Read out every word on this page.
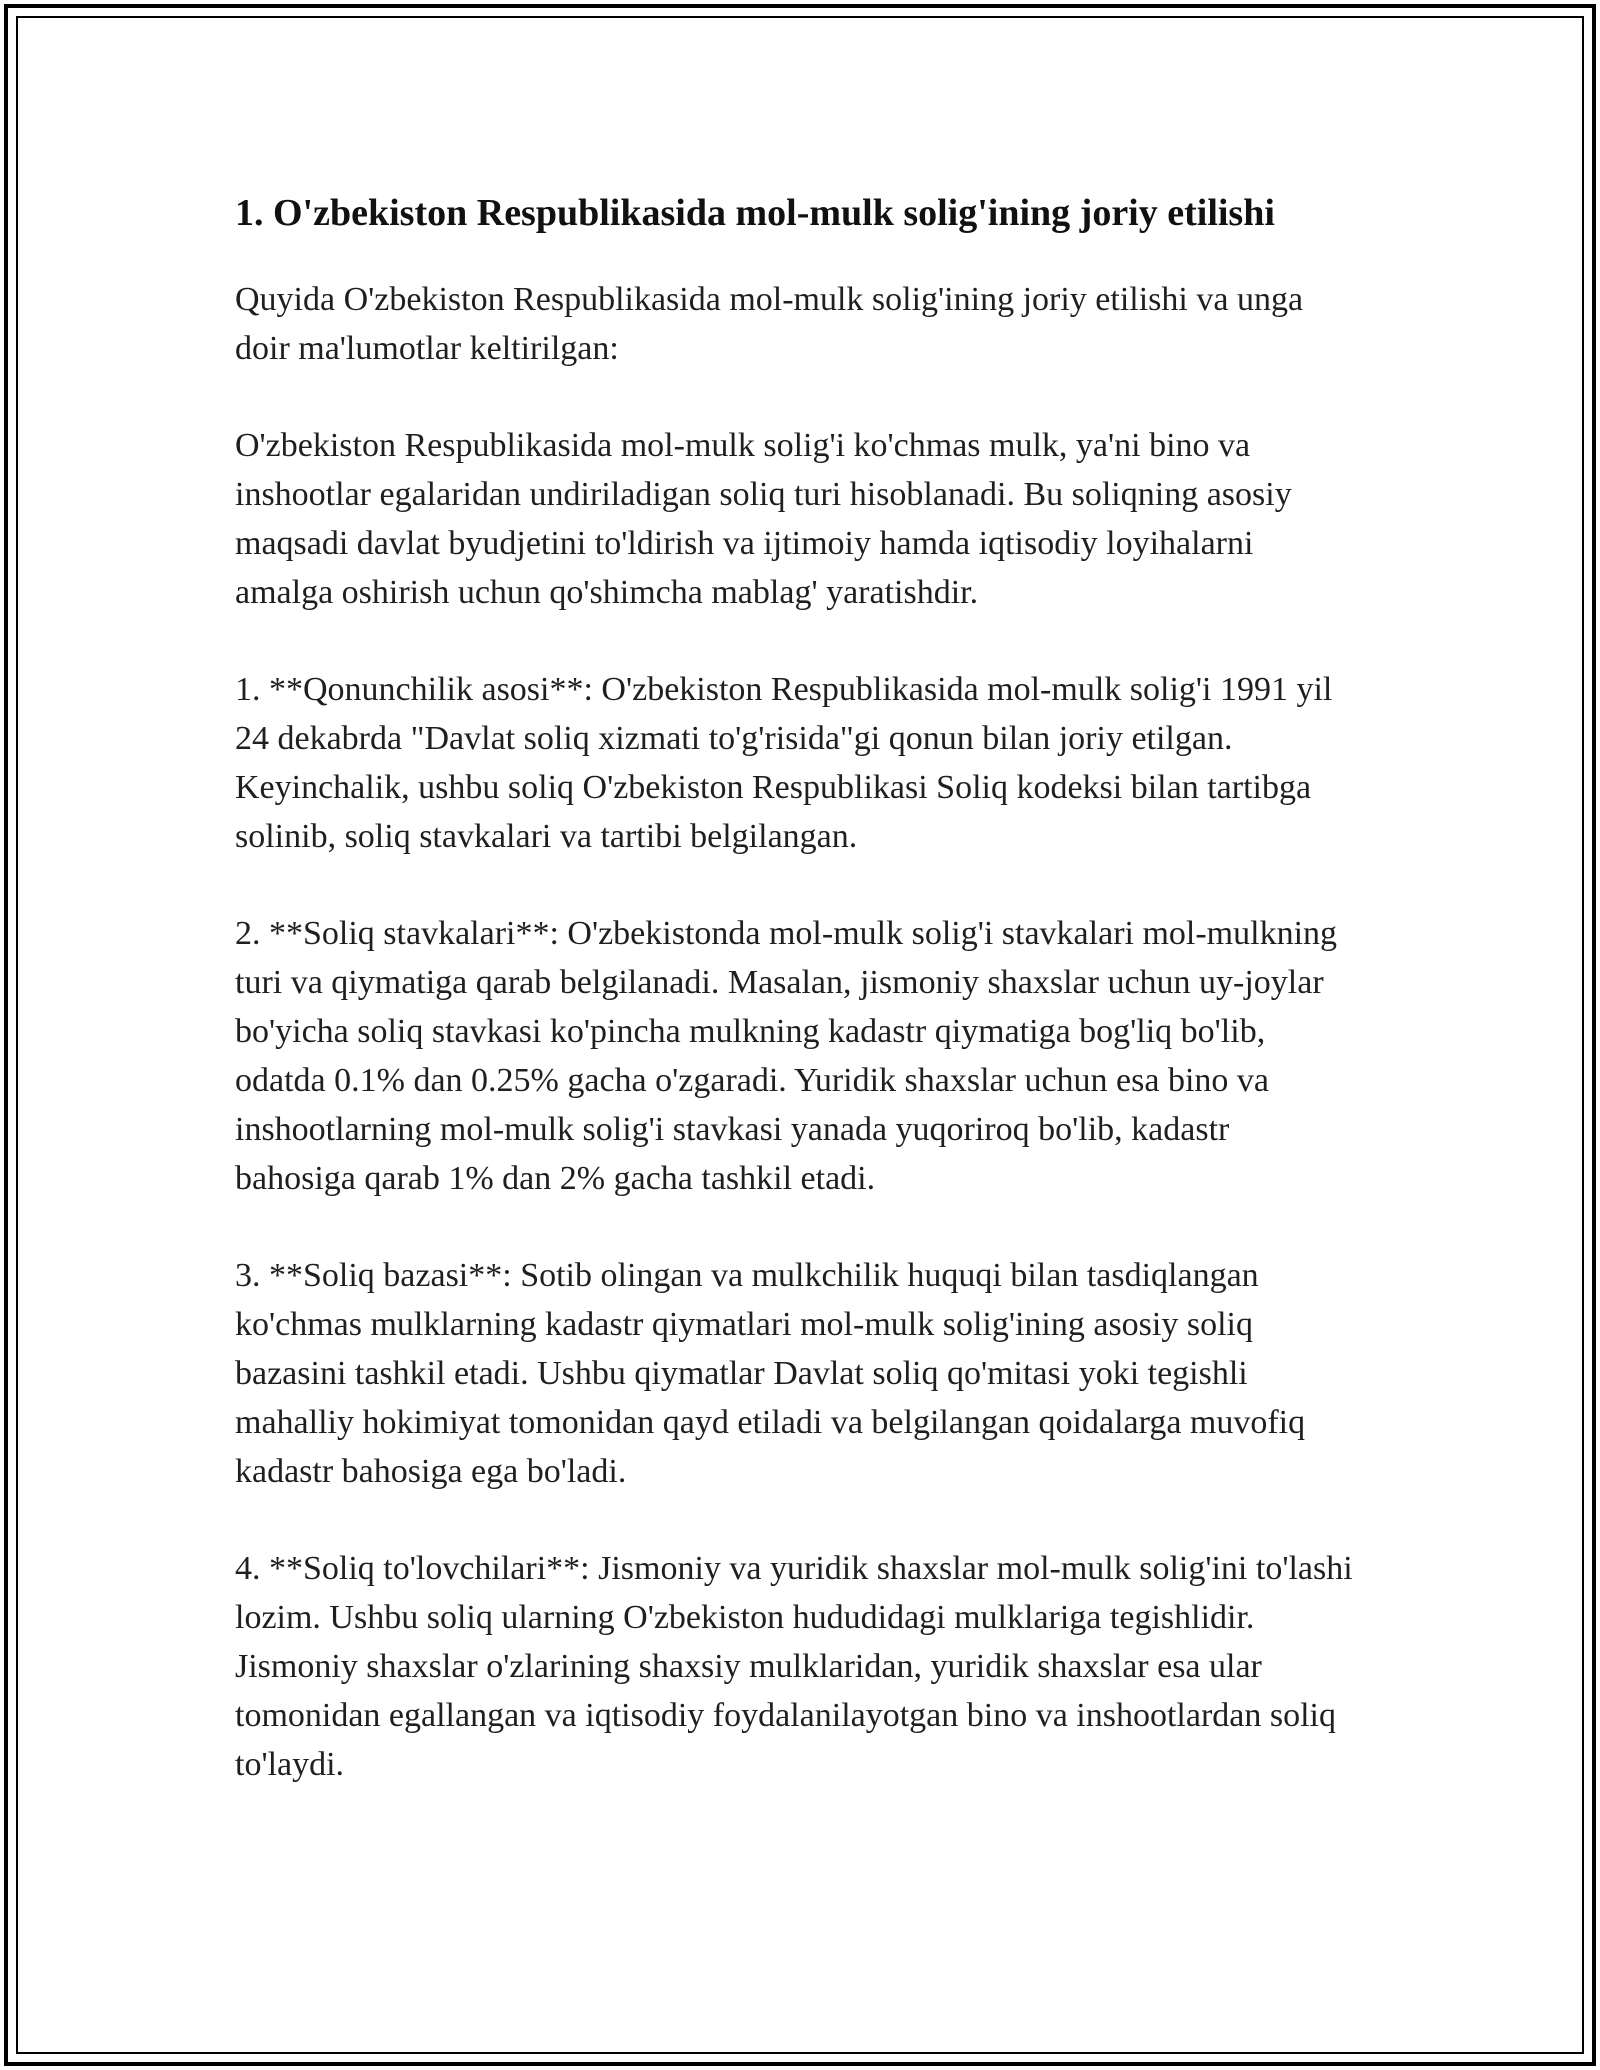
1. O'zbekiston Respublikasida mol-mulk solig'ining joriy etilishi

Quyida O'zbekiston Respublikasida mol-mulk solig'ining joriy etilishi va unga doir ma'lumotlar keltirilgan:

O'zbekiston Respublikasida mol-mulk solig'i ko'chmas mulk, ya'ni bino va inshootlar egalaridan undiriladigan soliq turi hisoblanadi. Bu soliqning asosiy maqsadi davlat byudjetini to'ldirish va ijtimoiy hamda iqtisodiy loyihalarni amalga oshirish uchun qo'shimcha mablag' yaratishdir.

1. **Qonunchilik asosi**: O'zbekiston Respublikasida mol-mulk solig'i 1991 yil 24 dekabrda "Davlat soliq xizmati to'g'risida"gi qonun bilan joriy etilgan. Keyinchalik, ushbu soliq O'zbekiston Respublikasi Soliq kodeksi bilan tartibga solinib, soliq stavkalari va tartibi belgilangan.

2. **Soliq stavkalari**: O'zbekistonda mol-mulk solig'i stavkalari mol-mulkning turi va qiymatiga qarab belgilanadi. Masalan, jismoniy shaxslar uchun uy-joylar bo'yicha soliq stavkasi ko'pincha mulkning kadastr qiymatiga bog'liq bo'lib, odatda 0.1% dan 0.25% gacha o'zgaradi. Yuridik shaxslar uchun esa bino va inshootlarning mol-mulk solig'i stavkasi yanada yuqoriroq bo'lib, kadastr bahosiga qarab 1% dan 2% gacha tashkil etadi.

3. **Soliq bazasi**: Sotib olingan va mulkchilik huquqi bilan tasdiqlangan ko'chmas mulklarning kadastr qiymatlari mol-mulk solig'ining asosiy soliq bazasini tashkil etadi. Ushbu qiymatlar Davlat soliq qo'mitasi yoki tegishli mahalliy hokimiyat tomonidan qayd etiladi va belgilangan qoidalarga muvofiq kadastr bahosiga ega bo'ladi.

4. **Soliq to'lovchilari**: Jismoniy va yuridik shaxslar mol-mulk solig'ini to'lashi lozim. Ushbu soliq ularning O'zbekiston hududidagi mulklariga tegishlidir. Jismoniy shaxslar o'zlarining shaxsiy mulklaridan, yuridik shaxslar esa ular tomonidan egallangan va iqtisodiy foydalanilayotgan bino va inshootlardan soliq to'laydi.
